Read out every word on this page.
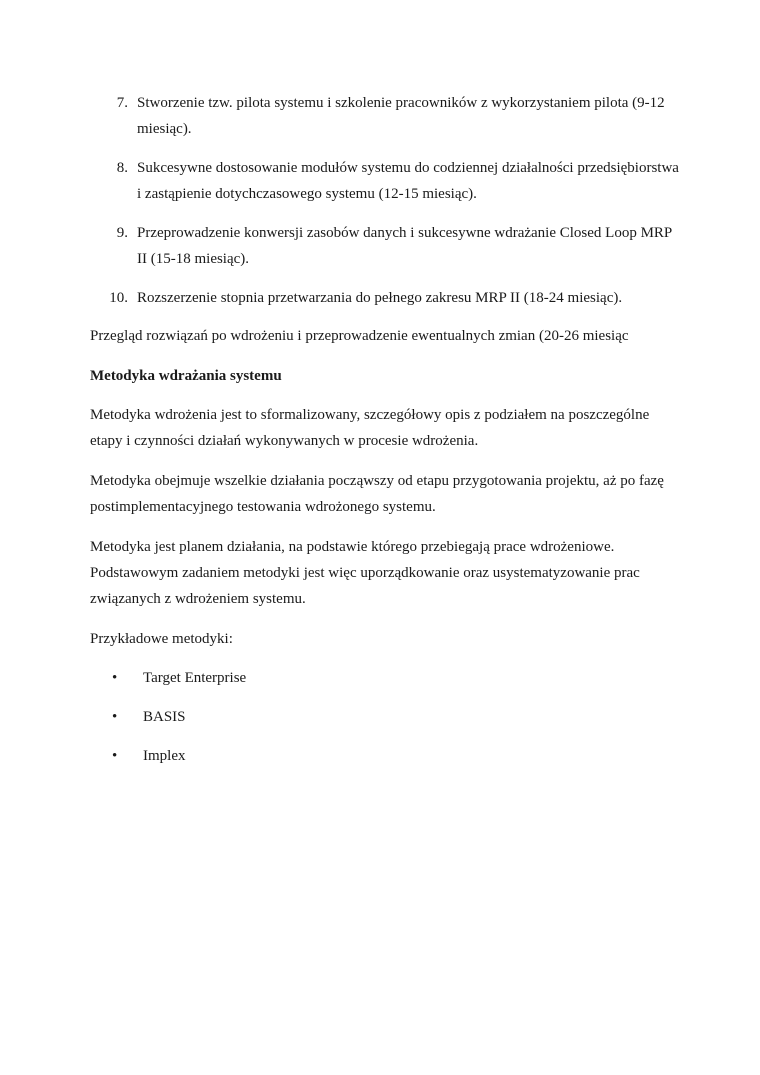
7. Stworzenie tzw. pilota systemu i szkolenie pracowników z wykorzystaniem pilota (9-12 miesiąc).
8. Sukcesywne dostosowanie modułów systemu do codziennej działalności przedsiębiorstwa i zastąpienie dotychczasowego systemu (12-15 miesiąc).
9. Przeprowadzenie konwersji zasobów danych i sukcesywne wdrażanie Closed Loop MRP II (15-18 miesiąc).
10. Rozszerzenie stopnia przetwarzania do pełnego zakresu MRP II (18-24 miesiąc).

Przegląd rozwiązań po wdrożeniu i przeprowadzenie ewentualnych zmian (20-26 miesiąc

Metodyka wdrażania systemu

Metodyka wdrożenia jest to sformalizowany, szczegółowy opis z podziałem na poszczególne etapy i czynności działań wykonywanych w procesie wdrożenia.

Metodyka obejmuje wszelkie działania począwszy od etapu przygotowania projektu, aż po fazę postimplementacyjnego testowania wdrożonego systemu.

Metodyka jest planem działania, na podstawie którego przebiegają prace wdrożeniowe. Podstawowym zadaniem metodyki jest więc uporządkowanie oraz usystematyzowanie prac związanych z wdrożeniem systemu.

Przykładowe metodyki:

• Target Enterprise
• BASIS
• Implex
